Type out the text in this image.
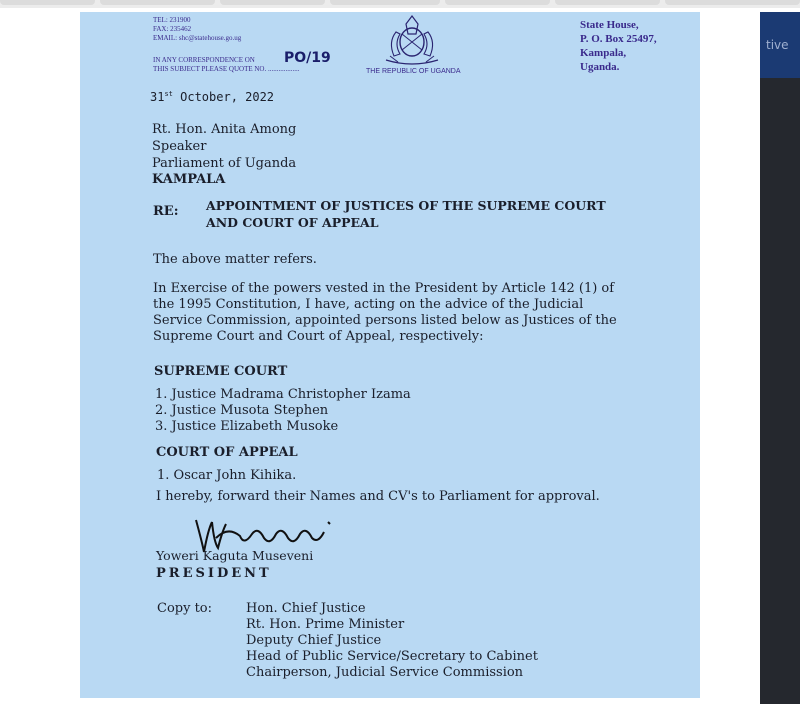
tive
TEL: 231900
FAX: 235462
EMAIL: shc@statehouse.go.ug
IN ANY CORRESPONDENCE ON
THIS SUBJECT PLEASE QUOTE NO. ..................
PO/19
THE REPUBLIC OF UGANDA
State House,
P. O. Box 25497,
Kampala,
Uganda.
31st October, 2022
Rt. Hon. Anita Among
Speaker
Parliament of Uganda
KAMPALA
RE: APPOINTMENT OF JUSTICES OF THE SUPREME COURT
AND COURT OF APPEAL
The above matter refers.
In Exercise of the powers vested in the President by Article 142 (1) of
the 1995 Constitution, I have, acting on the advice of the Judicial
Service Commission, appointed persons listed below as Justices of the
Supreme Court and Court of Appeal, respectively:
SUPREME COURT
1. Justice Madrama Christopher Izama
2. Justice Musota Stephen
3. Justice Elizabeth Musoke
COURT OF APPEAL
1. Oscar John Kihika.
I hereby, forward their Names and CV's to Parliament for approval.
Yoweri Kaguta Museveni
PRESIDENT
Copy to:	Hon. Chief Justice
Rt. Hon. Prime Minister
Deputy Chief Justice
Head of Public Service/Secretary to Cabinet
Chairperson, Judicial Service Commission
